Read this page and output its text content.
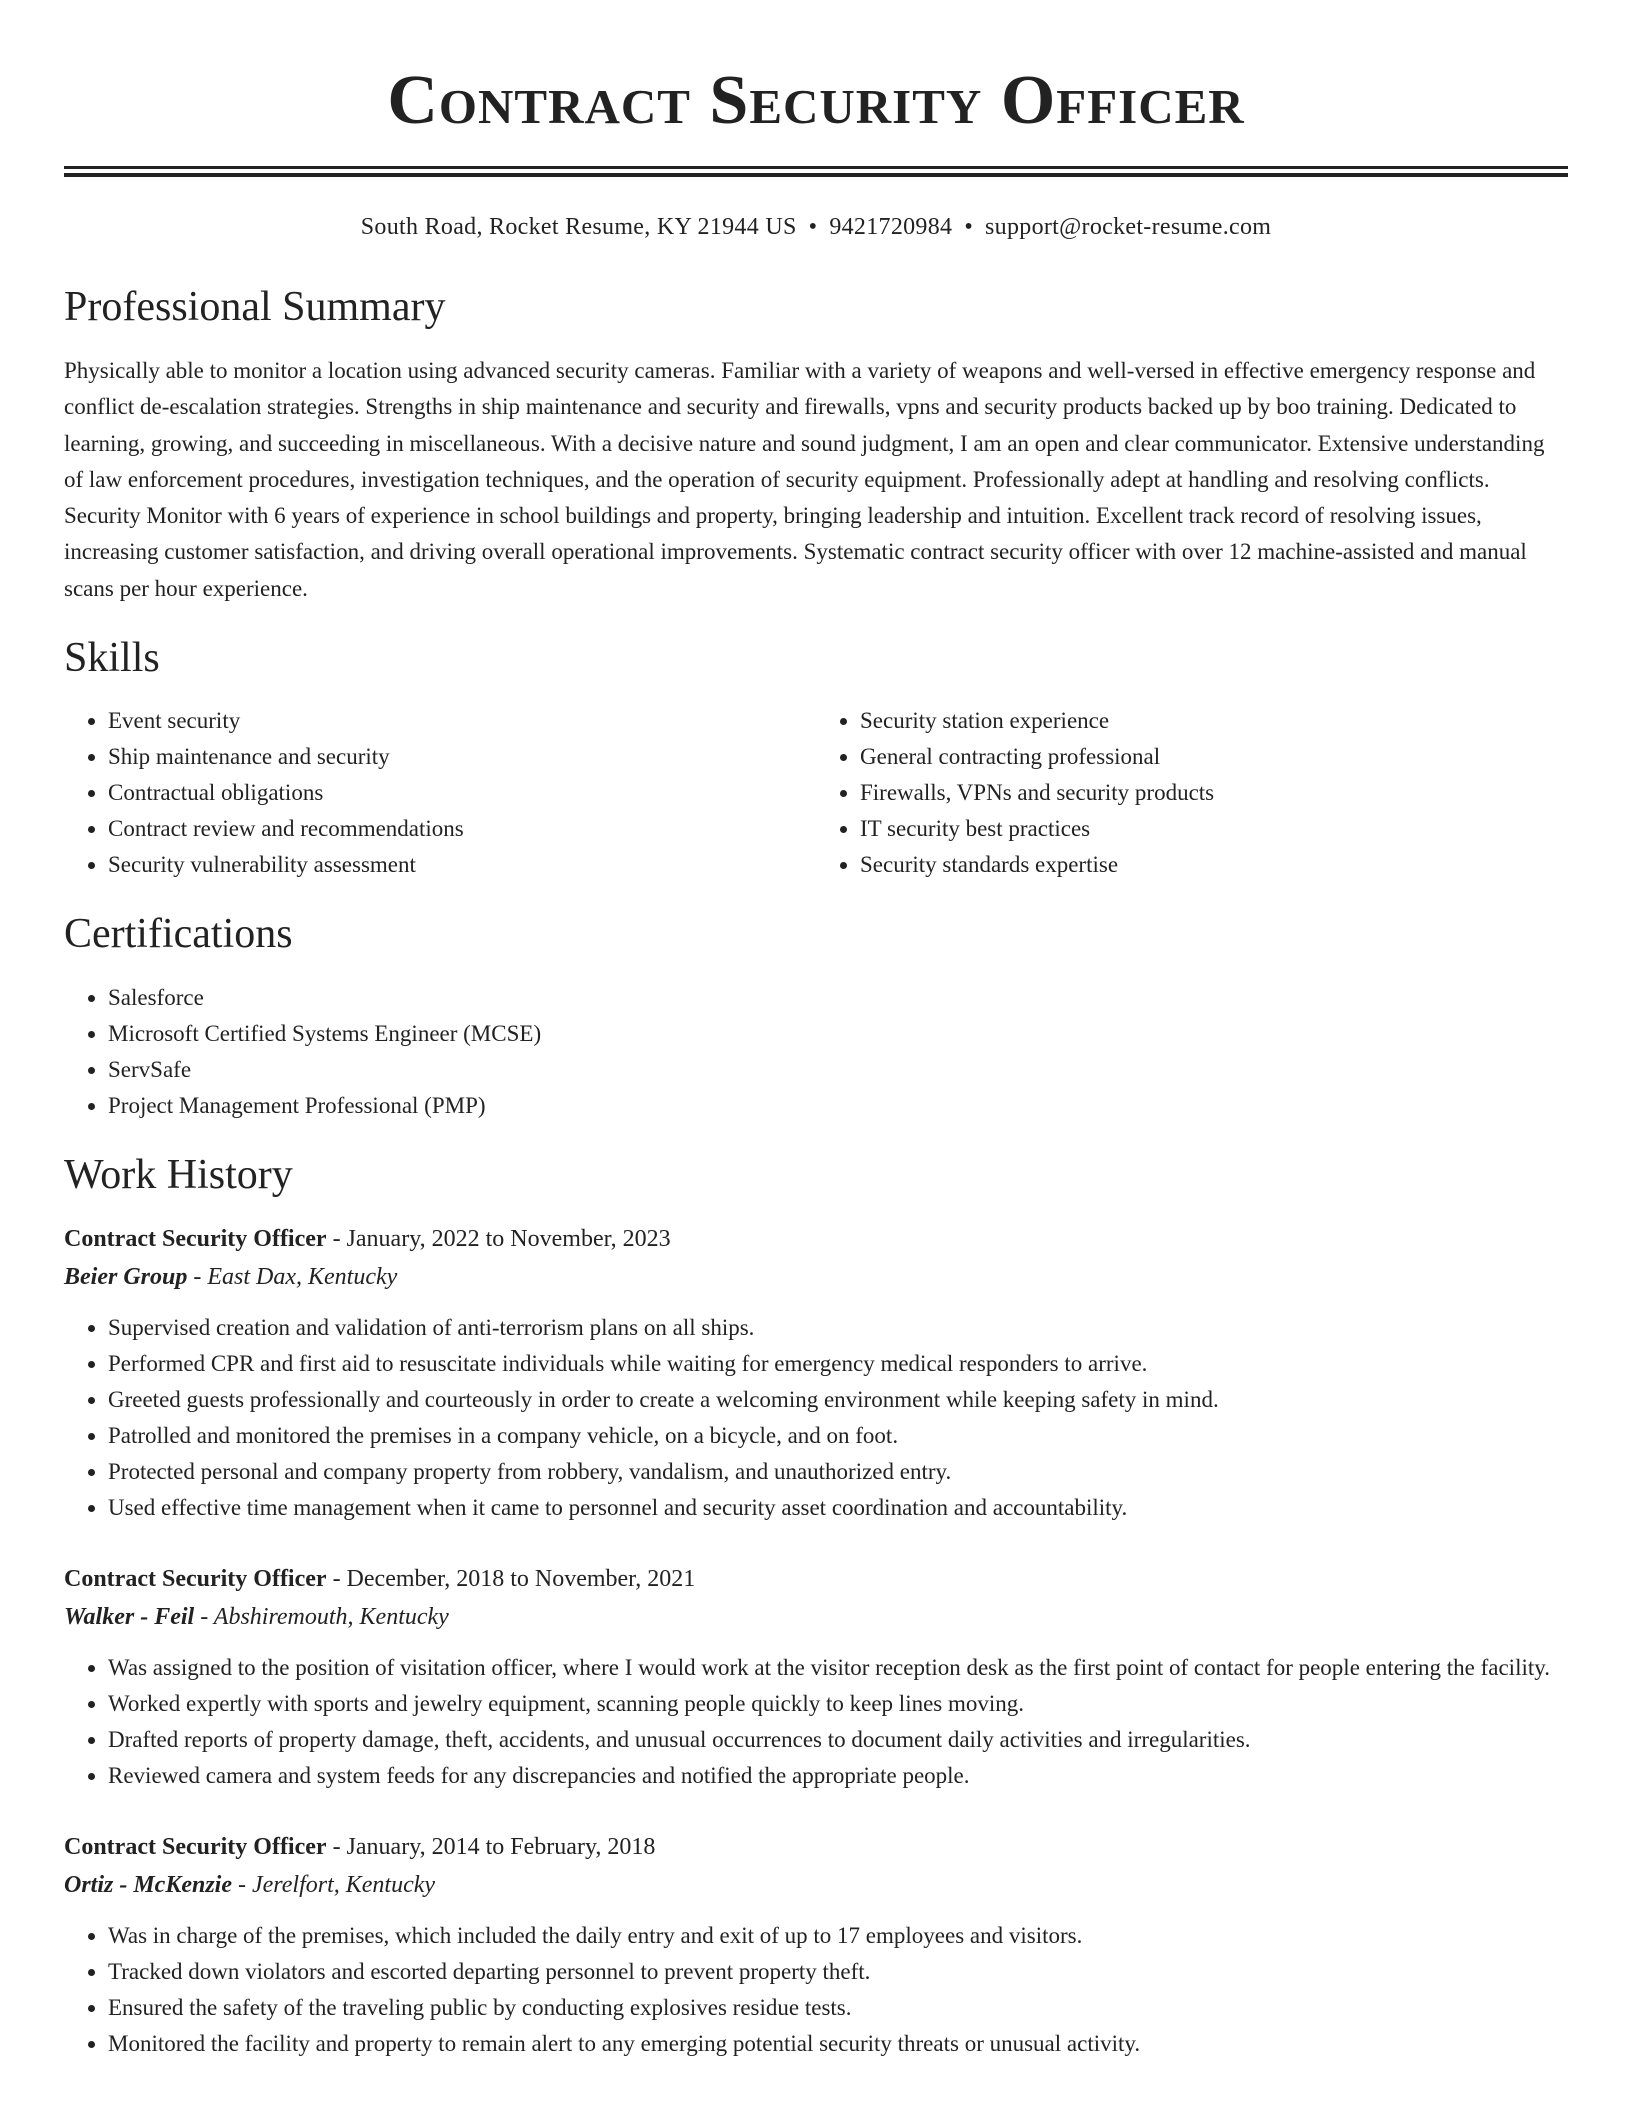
Contract Security Officer
South Road, Rocket Resume, KY 21944 US • 9421720984 • support@rocket-resume.com
Professional Summary

Physically able to monitor a location using advanced security cameras. Familiar with a variety of weapons and well-versed in effective emergency response and conflict de-escalation strategies. Strengths in ship maintenance and security and firewalls, vpns and security products backed up by boo training. Dedicated to learning, growing, and succeeding in miscellaneous. With a decisive nature and sound judgment, I am an open and clear communicator. Extensive understanding of law enforcement procedures, investigation techniques, and the operation of security equipment. Professionally adept at handling and resolving conflicts. Security Monitor with 6 years of experience in school buildings and property, bringing leadership and intuition. Excellent track record of resolving issues, increasing customer satisfaction, and driving overall operational improvements. Systematic contract security officer with over 12 machine-assisted and manual scans per hour experience.

Skills
• Event security
• Ship maintenance and security
• Contractual obligations
• Contract review and recommendations
• Security vulnerability assessment
• Security station experience
• General contracting professional
• Firewalls, VPNs and security products
• IT security best practices
• Security standards expertise
Certifications
• Salesforce
• Microsoft Certified Systems Engineer (MCSE)
• ServSafe
• Project Management Professional (PMP)
Work History
Contract Security Officer - January, 2022 to November, 2023
Beier Group - East Dax, Kentucky
• Supervised creation and validation of anti-terrorism plans on all ships.
• Performed CPR and first aid to resuscitate individuals while waiting for emergency medical responders to arrive.
• Greeted guests professionally and courteously in order to create a welcoming environment while keeping safety in mind.
• Patrolled and monitored the premises in a company vehicle, on a bicycle, and on foot.
• Protected personal and company property from robbery, vandalism, and unauthorized entry.
• Used effective time management when it came to personnel and security asset coordination and accountability.
Contract Security Officer - December, 2018 to November, 2021
Walker - Feil - Abshiremouth, Kentucky
• Was assigned to the position of visitation officer, where I would work at the visitor reception desk as the first point of contact for people entering the facility.
• Worked expertly with sports and jewelry equipment, scanning people quickly to keep lines moving.
• Drafted reports of property damage, theft, accidents, and unusual occurrences to document daily activities and irregularities.
• Reviewed camera and system feeds for any discrepancies and notified the appropriate people.
Contract Security Officer - January, 2014 to February, 2018
Ortiz - McKenzie - Jerelfort, Kentucky
• Was in charge of the premises, which included the daily entry and exit of up to 17 employees and visitors.
• Tracked down violators and escorted departing personnel to prevent property theft.
• Ensured the safety of the traveling public by conducting explosives residue tests.
• Monitored the facility and property to remain alert to any emerging potential security threats or unusual activity.
